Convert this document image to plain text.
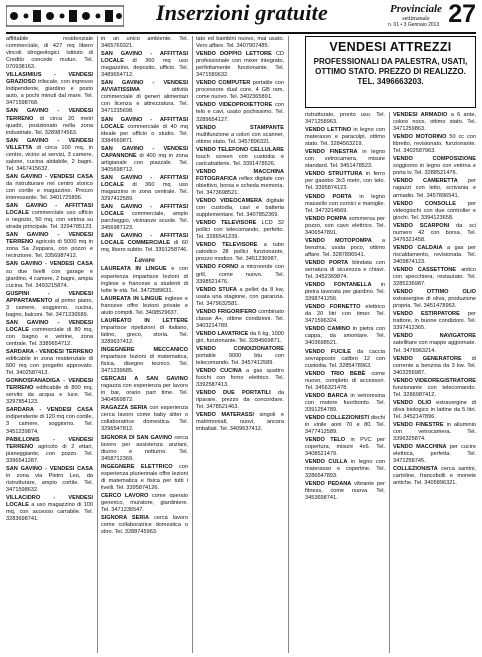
Inserzioni gratuite	Provinciale
settimanale
n. 01 • 3 Gennaio 2013 27

affittabile residenziale commerciale, di 427 mq libero vincoli idrogeologici. Istituto di Credito concede mutuo. Tel. 070938163.

VILLASIMIUS - VENDESI GRAZIOSO trilocale, con ingresso indipendente, giardino e posto auto, a pochi minuti dal mare. Tel. 3471598768.

SAN GAVINO - VENDESI TERRENO di circa 20 metri quadri, posizionato nella zona industriale. Tel. 3289874563.

SAN GAVINO - VENDESI VILLETTA di circa 100 mq, in centro, vicino ai servizi, 3 camere, salone, cucina abitabile, 2 bagni. Tel. 3467415632.

SAN GAVINO - VENDESI CASA da ristrutturare nel centro storico con cortile e magazzino. Prezzo interessante. Tel. 3401725896.

SAN GAVINO - AFFITTASI LOCALE commerciale uso ufficio o negozio, 50 mq, con vetrina su strada principale. Tel. 3294785123.

SAN GAVINO - VENDESI TERRENO agricolo di 5000 mq in zona Sa Zeppara, con pozzo e recinzione. Tel. 3356987412.

SAN GAVINO - VENDESI CASA su due livelli con garage e giardino, 4 camere, 2 bagni, ampia cucina. Tel. 3493215874.

GUSPINI - VENDESI APPARTAMENTO al primo piano, 3 camere, soggiorno, cucina, bagno, balconi. Tel. 3471236589.

SAN GAVINO - VENDESI LOCALE commerciale di 80 mq, con bagno e vetrine, zona centrale. Tel. 3389654712.

SARDARA - VENDESI TERRENO edificabile in zona residenziale di 600 mq con progetto approvato. Tel. 3402587413.

GONNOSFANADIGA - VENDESI TERRENO edificabile di 800 mq, servito da acqua e luce. Tel. 3297854123.

SARDARA - VENDESI CASA indipendente di 120 mq con cortile, 3 camere, soggiorno. Tel. 3451239874.

PABILLONIS - VENDESI TERRENO agricolo di 2 ettari, pianeggiante, con pozzo. Tel. 3396541287.

SAN GAVINO - VENDESI CASA in zona via Pietro Leo, da ristrutturare, ampio cortile. Tel. 3471598632.

VILLACIDRO - VENDESI LOCALE a uso magazzino di 100 mq, con accesso carrabile. Tel. 3283698741.

in un unico ambiente. Tel. 3465769321.

SAN GAVINO - AFFITTASI LOCALE di 360 mq uso magazzino, deposito, ufficio. Tel. 3489654712.

SAN GAVINO - VENDESI AVVIATISSIMA	attività commerciale di generi alimentari con licenza e attrezzatura. Tel. 3471235698.

SAN GAVINO - AFFITTASI LOCALE commerciale di 40 mq ideale per ufficio o studio. Tel. 3384569871.

SAN GAVINO - VENDESI CAPANNONE di 400 mq in zona artigianale con piazzale. Tel. 3405698712.

SAN GAVINO - AFFITTASI LOCALE di 360 mq uso magazzino in zona centrale. Tel. 3297412589.

SAN GAVINO - AFFITTASI LOCALE commerciale, ampio parcheggio, vicinanze scuole. Tel. 3456987123.

SAN GAVINO - AFFITTASI LOCALE COMMERCIALE di 60 mq, libero subito. Tel. 3391258746.

Lavoro

LAUREATA IN LINGUE e con esperienza impartisce lezioni di inglese e francese a studenti di tutte le età. Tel. 3472589631.

LAUREATA IN LINGUE inglese e francese offre lezioni private e aiuto compiti. Tel. 3408529637.

LAUREATO IN LETTERE impartisce ripetizioni di italiano, latino, greco, storia. Tel. 3289637412.

INGEGNERE MECCANICO impartisce lezioni di matematica, fisica, disegno tecnico. Tel. 3471239685.

CERCASI A SAN GAVINO ragazza con esperienza per lavoro in bar, orario part time. Tel. 3404569872.

RAGAZZA SERIA con esperienza cerca lavoro come baby sitter o collaboratrice domestica. Tel. 3296547812.

SIGNORA DI SAN GAVINO cerca lavoro per assistenza anziani, diurno e notturno. Tel. 3458712369.

INGEGNERE ELETTRICO con esperienza pluriennale offre lezioni di matematica e fisica per tutti i livelli. Tel. 3395874126.

CERCO LAVORO come operaio generico, muratore, giardiniere. Tel. 3471236547.

SIGNORA SERIA cerca lavoro come collaboratrice domestica o stiro. Tel. 3288745963.

tato ed bambini nuovo, mai usato. Vero affare. Tel. 3407907485.

VENDO DOPPIO LETTORE CD professionale con mixer integrato, perfettamente funzionante. Tel. 3471589632.

VENDO COMPUTER portatile con processore dual core, 4 GB ram, come nuovo. Tel. 3402365891.

VENDO VIDEOPROIETTORE con telo e cavi, usato pochissimo. Tel. 3289654127.

VENDO STAMPANTE multifunzione a colori con scanner, ottimo stato. Tel. 3457896321.

VENDO TELEFONO CELLULARE touch screen con custodia e caricabatterie. Tel. 3391478526.

VENDO MACCHINA FOTOGRAFICA reflex digitale con obiettivo, borsa e scheda memoria. Tel. 3473698521.

VENDO VIDEOCAMERA digitale con custodia, cavi e batteria supplementare. Tel. 3407852369.

VENDO TELEVISORE LCD 32 pollici con telecomando, perfetto. Tel. 3286541239.

VENDO TELEVISORE a tubo catodico 28 pollici funzionante, prezzo modico. Tel. 3451236987.

VENDO FORNO a microonde con grill, come nuovo. Tel. 3398521476.

VENDO STUFA a pellet da 8 kw, usata una stagione, con garanzia. Tel. 3479632581.

VENDO FRIGORIFERO combinato classe A+, ottime condizioni. Tel. 3403214789.

VENDO LAVATRICE da 6 kg, 1000 giri, funzionante. Tel. 3284569871.

VENDO CONDIZIONATORE portatile 9000 btu con telecomando. Tel. 3457412589.

VENDO CUCINA a gas quattro fuochi con forno elettrico. Tel. 3392587413.

VENDO DUE PORTATILI da riparare, prezzo da concordare. Tel. 3478521463.

VENDO MATERASSI singoli e matrimoniali, nuovi, ancora imballati. Tel. 3409637412.

VENDESI ATTREZZI
PROFESSIONALI DA PALESTRA, USATI, OTTIMO STATO. PREZZO DI REALIZZO. TEL. 3496663203.

ristrutturato, pronto uso. Tel. 3471258963.

VENDO LETTINO in legno con materasso e paracolpi, ottimo stato. Tel. 3284563219.

VENDO FINESTRA in legno con vetrocamera, misure standard. Tel. 3451478523.

VENDO STRUTTURA in ferro per gazebo 3x3 metri, con telo. Tel. 3395874123.

VENDO PORTA in legno massello con cornici e maniglie. Tel. 3473214569.

VENDO POMPA sommersa per pozzo, con cavo elettrico. Tel. 3406547891.

VENDO MOTOPOMPA a benzina, usata poco, ottimo affare. Tel. 3287896541.

VENDO PORTA blindata con serratura di sicurezza e chiavi. Tel. 3452369874.

VENDO FONTANELLA in pietra lavorata per giardino. Tel. 3398741256.

VENDO FORNETTO elettrico da 20 litri con timer. Tel. 3471596324.

VENDO CAMINO in pietra con cappa, da smontare. Tel. 3403698521.

VENDO FUCILE da caccia sovrapposto calibro 12 con custodia. Tel. 3285478963.

VENDO TRIO BEBÈ come nuovo, completo di accessori. Tel. 3456321478.

VENDO BARCA in vetroresina con motore fuoribordo. Tel. 3391254789.

VENDO COLLEZIONISTI dischi in vinile anni 70 e 80. Tel. 3477412589.

VENDO TELO in PVC per copertura, misure 4x6. Tel. 3408521479.

VENDO CULLA in legno con materasso e copertine. Tel. 3286547893.

VENDO PEDANA vibrante per fitness, come nuova. Tel. 3453698741.

VENDESI ARMADIO a 6 ante, colore noce, ottimo stato. Tel. 3471259863.

VENDO MOTORINO 50 cc con libretto, revisionato, funzionante. Tel. 3402587963.

VENDO COMPOSIZIONE soggiorno in legno con vetrina e porta tv. Tel. 3288521476.

VENDO CAMERETTA per ragazzi con letto, scrivania e armadio. Tel. 3457896541.

VENDO CONSOLLE per videogiochi con due controller e giochi. Tel. 3394123658.

VENDO SCARPONI da sci numero 42 con borsa. Tel. 3476321458.

VENDO CALDAIA a gas per riscaldamento, revisionata. Tel. 3409874123.

VENDO CASSETTONE antico con specchiera, restaurato. Tel. 3285236987.

VENDO OTTIMO OLIO extravergine di oliva, produzione propria. Tel. 3451478963.

VENDO ESTIRPATORE per trattore, in buone condizioni. Tel. 3397412365.

VENDO NAVIGATORE satellitare con mappe aggiornate. Tel. 3478963214.

VENDO GENERATORE di corrente a benzina da 3 kw. Tel. 3403256987.

VENDO VIDEOREGISTRATORE funzionante con telecomando. Tel. 3286987412.

VENDO OLIO extravergine di oliva biologico in lattine da 5 litri. Tel. 3452147896.

VENDO FINESTRE in alluminio con vetrocamera. Tel. 3396325874.

VENDO MACCHINA per cucire elettrica, perfetta. Tel. 3471258745.

COLLEZIONISTA cerca santini, cartoline, francobolli e monete antiche. Tel. 3405896321.
